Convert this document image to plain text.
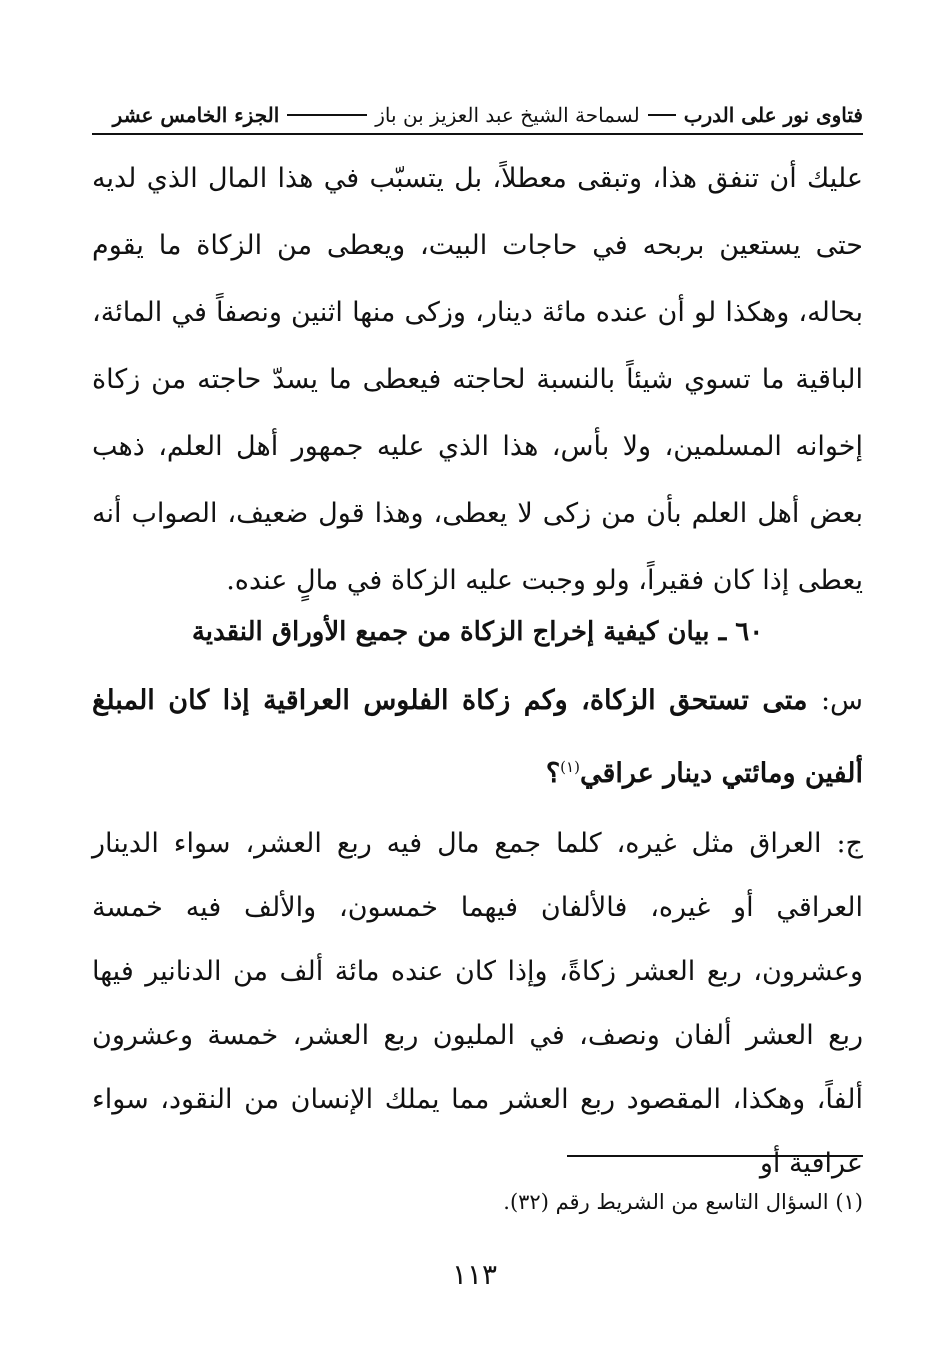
فتاوى نور على الدرب
لسماحة الشيخ عبد العزيز بن باز
الجزء الخامس عشر
عليك أن تنفق هذا، وتبقى معطلاً، بل يتسبّب في هذا المال الذي لديه حتى يستعين بربحه في حاجات البيت، ويعطى من الزكاة ما يقوم بحاله، وهكذا لو أن عنده مائة دينار، وزكى منها اثنين ونصفاً في المائة، الباقية ما تسوي شيئاً بالنسبة لحاجته فيعطى ما يسدّ حاجته من زكاة إخوانه المسلمين، ولا بأس، هذا الذي عليه جمهور أهل العلم، ذهب بعض أهل العلم بأن من زكى لا يعطى، وهذا قول ضعيف، الصواب أنه يعطى إذا كان فقيراً، ولو وجبت عليه الزكاة في مالٍ عنده.
٦٠ ـ بيان كيفية إخراج الزكاة من جميع الأوراق النقدية
س: متى تستحق الزكاة، وكم زكاة الفلوس العراقية إذا كان المبلغ ألفين ومائتي دينار عراقي$^{(١)}$؟
ج: العراق مثل غيره، كلما جمع مال فيه ربع العشر، سواء الدينار العراقي أو غيره، فالألفان فيهما خمسون، والألف فيه خمسة وعشرون، ربع العشر زكاةً، وإذا كان عنده مائة ألف من الدنانير فيها ربع العشر ألفان ونصف، في المليون ربع العشر، خمسة وعشرون ألفاً، وهكذا، المقصود ربع العشر مما يملك الإنسان من النقود، سواء عراقية أو
(١) السؤال التاسع من الشريط رقم (٣٢).
١١٣
